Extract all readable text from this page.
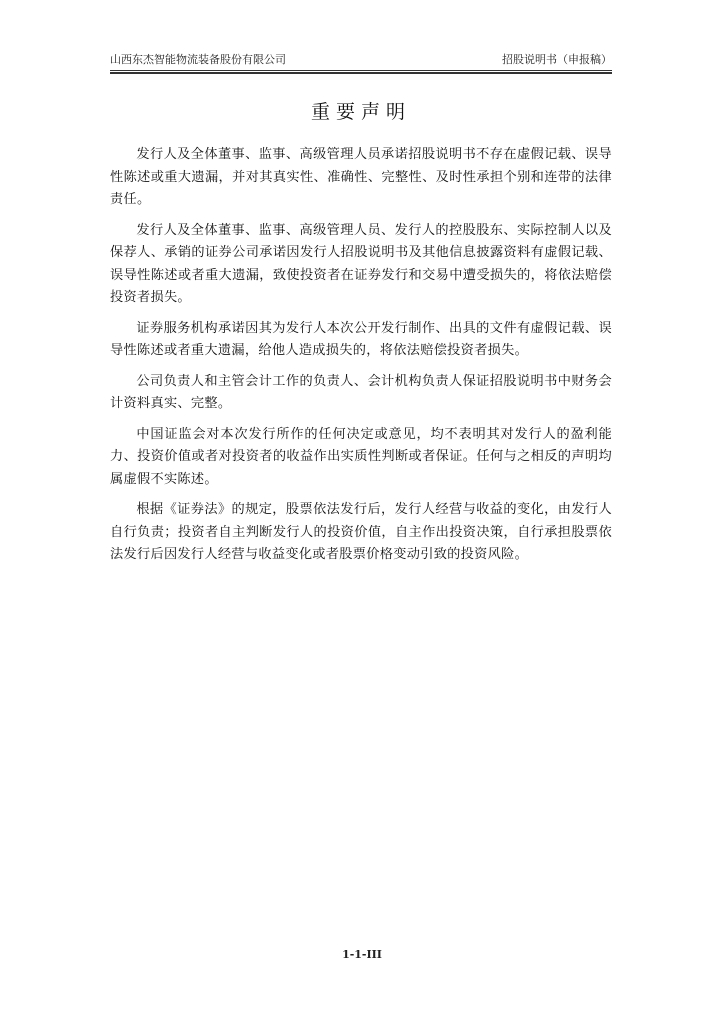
山西东杰智能物流装备股份有限公司	招股说明书（申报稿）
重要声明

发行人及全体董事、监事、高级管理人员承诺招股说明书不存在虚假记载、误导性陈述或重大遗漏，并对其真实性、准确性、完整性、及时性承担个别和连带的法律责任。

发行人及全体董事、监事、高级管理人员、发行人的控股股东、实际控制人以及保荐人、承销的证券公司承诺因发行人招股说明书及其他信息披露资料有虚假记载、误导性陈述或者重大遗漏，致使投资者在证券发行和交易中遭受损失的，将依法赔偿投资者损失。

证券服务机构承诺因其为发行人本次公开发行制作、出具的文件有虚假记载、误导性陈述或者重大遗漏，给他人造成损失的，将依法赔偿投资者损失。

公司负责人和主管会计工作的负责人、会计机构负责人保证招股说明书中财务会计资料真实、完整。

中国证监会对本次发行所作的任何决定或意见，均不表明其对发行人的盈利能力、投资价值或者对投资者的收益作出实质性判断或者保证。任何与之相反的声明均属虚假不实陈述。

根据《证券法》的规定，股票依法发行后，发行人经营与收益的变化，由发行人自行负责；投资者自主判断发行人的投资价值，自主作出投资决策，自行承担股票依法发行后因发行人经营与收益变化或者股票价格变动引致的投资风险。

1-1-III
